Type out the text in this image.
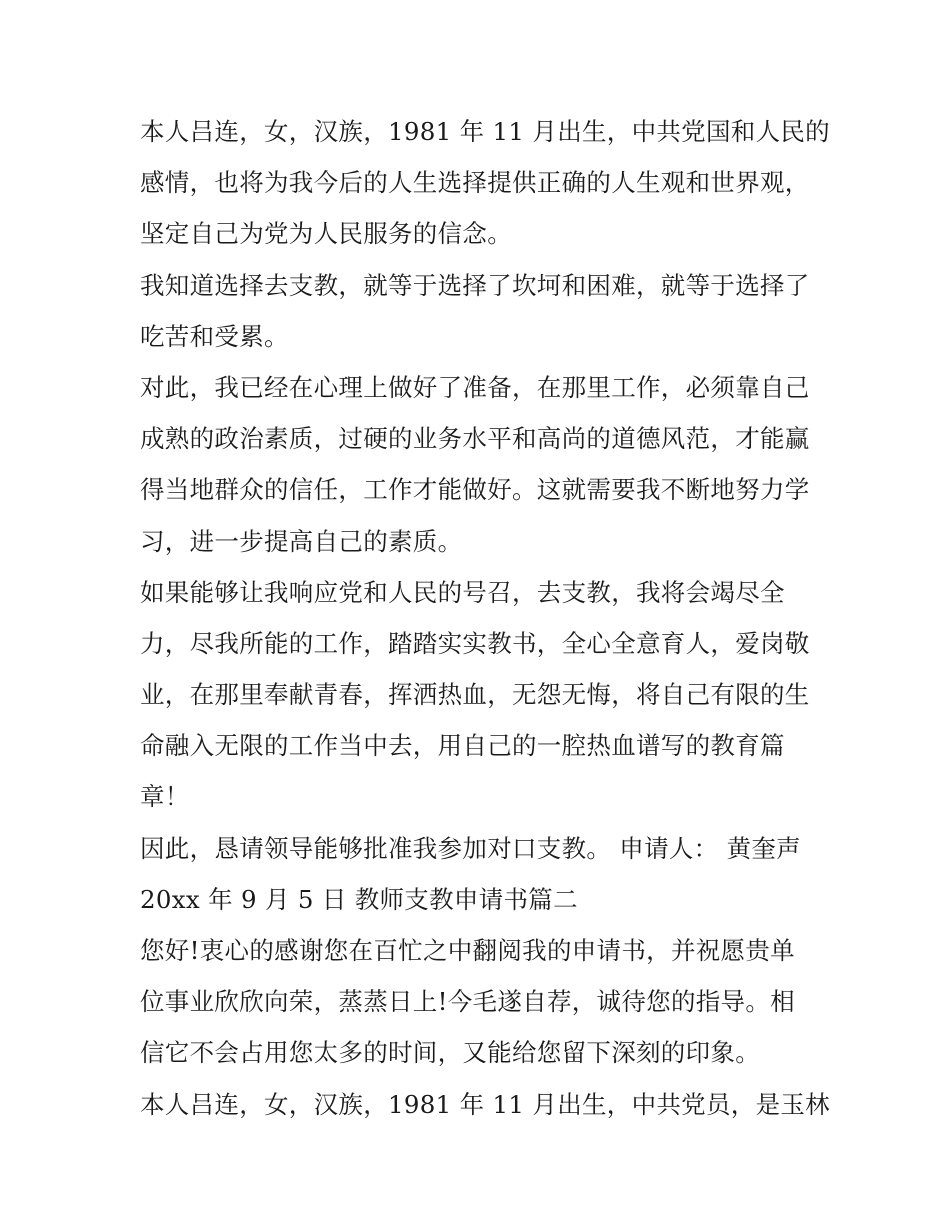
本人吕连，女，汉族，1981 年 11 月出生，中共党国和人民的
感情，也将为我今后的人生选择提供正确的人生观和世界观，
坚定自己为党为人民服务的信念。
我知道选择去支教，就等于选择了坎坷和困难，就等于选择了
吃苦和受累。
对此，我已经在心理上做好了准备，在那里工作，必须靠自己
成熟的政治素质，过硬的业务水平和高尚的道德风范，才能赢
得当地群众的信任，工作才能做好。这就需要我不断地努力学
习，进一步提高自己的素质。
如果能够让我响应党和人民的号召，去支教，我将会竭尽全
力，尽我所能的工作，踏踏实实教书，全心全意育人，爱岗敬
业，在那里奉献青春，挥洒热血，无怨无悔，将自己有限的生
命融入无限的工作当中去，用自己的一腔热血谱写的教育篇
章！
因此，恳请领导能够批准我参加对口支教。 申请人： 黄奎声
20xx 年 9 月 5 日 教师支教申请书篇二
您好!衷心的感谢您在百忙之中翻阅我的申请书，并祝愿贵单
位事业欣欣向荣，蒸蒸日上!今毛遂自荐，诚待您的指导。相
信它不会占用您太多的时间，又能给您留下深刻的印象。
本人吕连，女，汉族，1981 年 11 月出生，中共党员，是玉林
